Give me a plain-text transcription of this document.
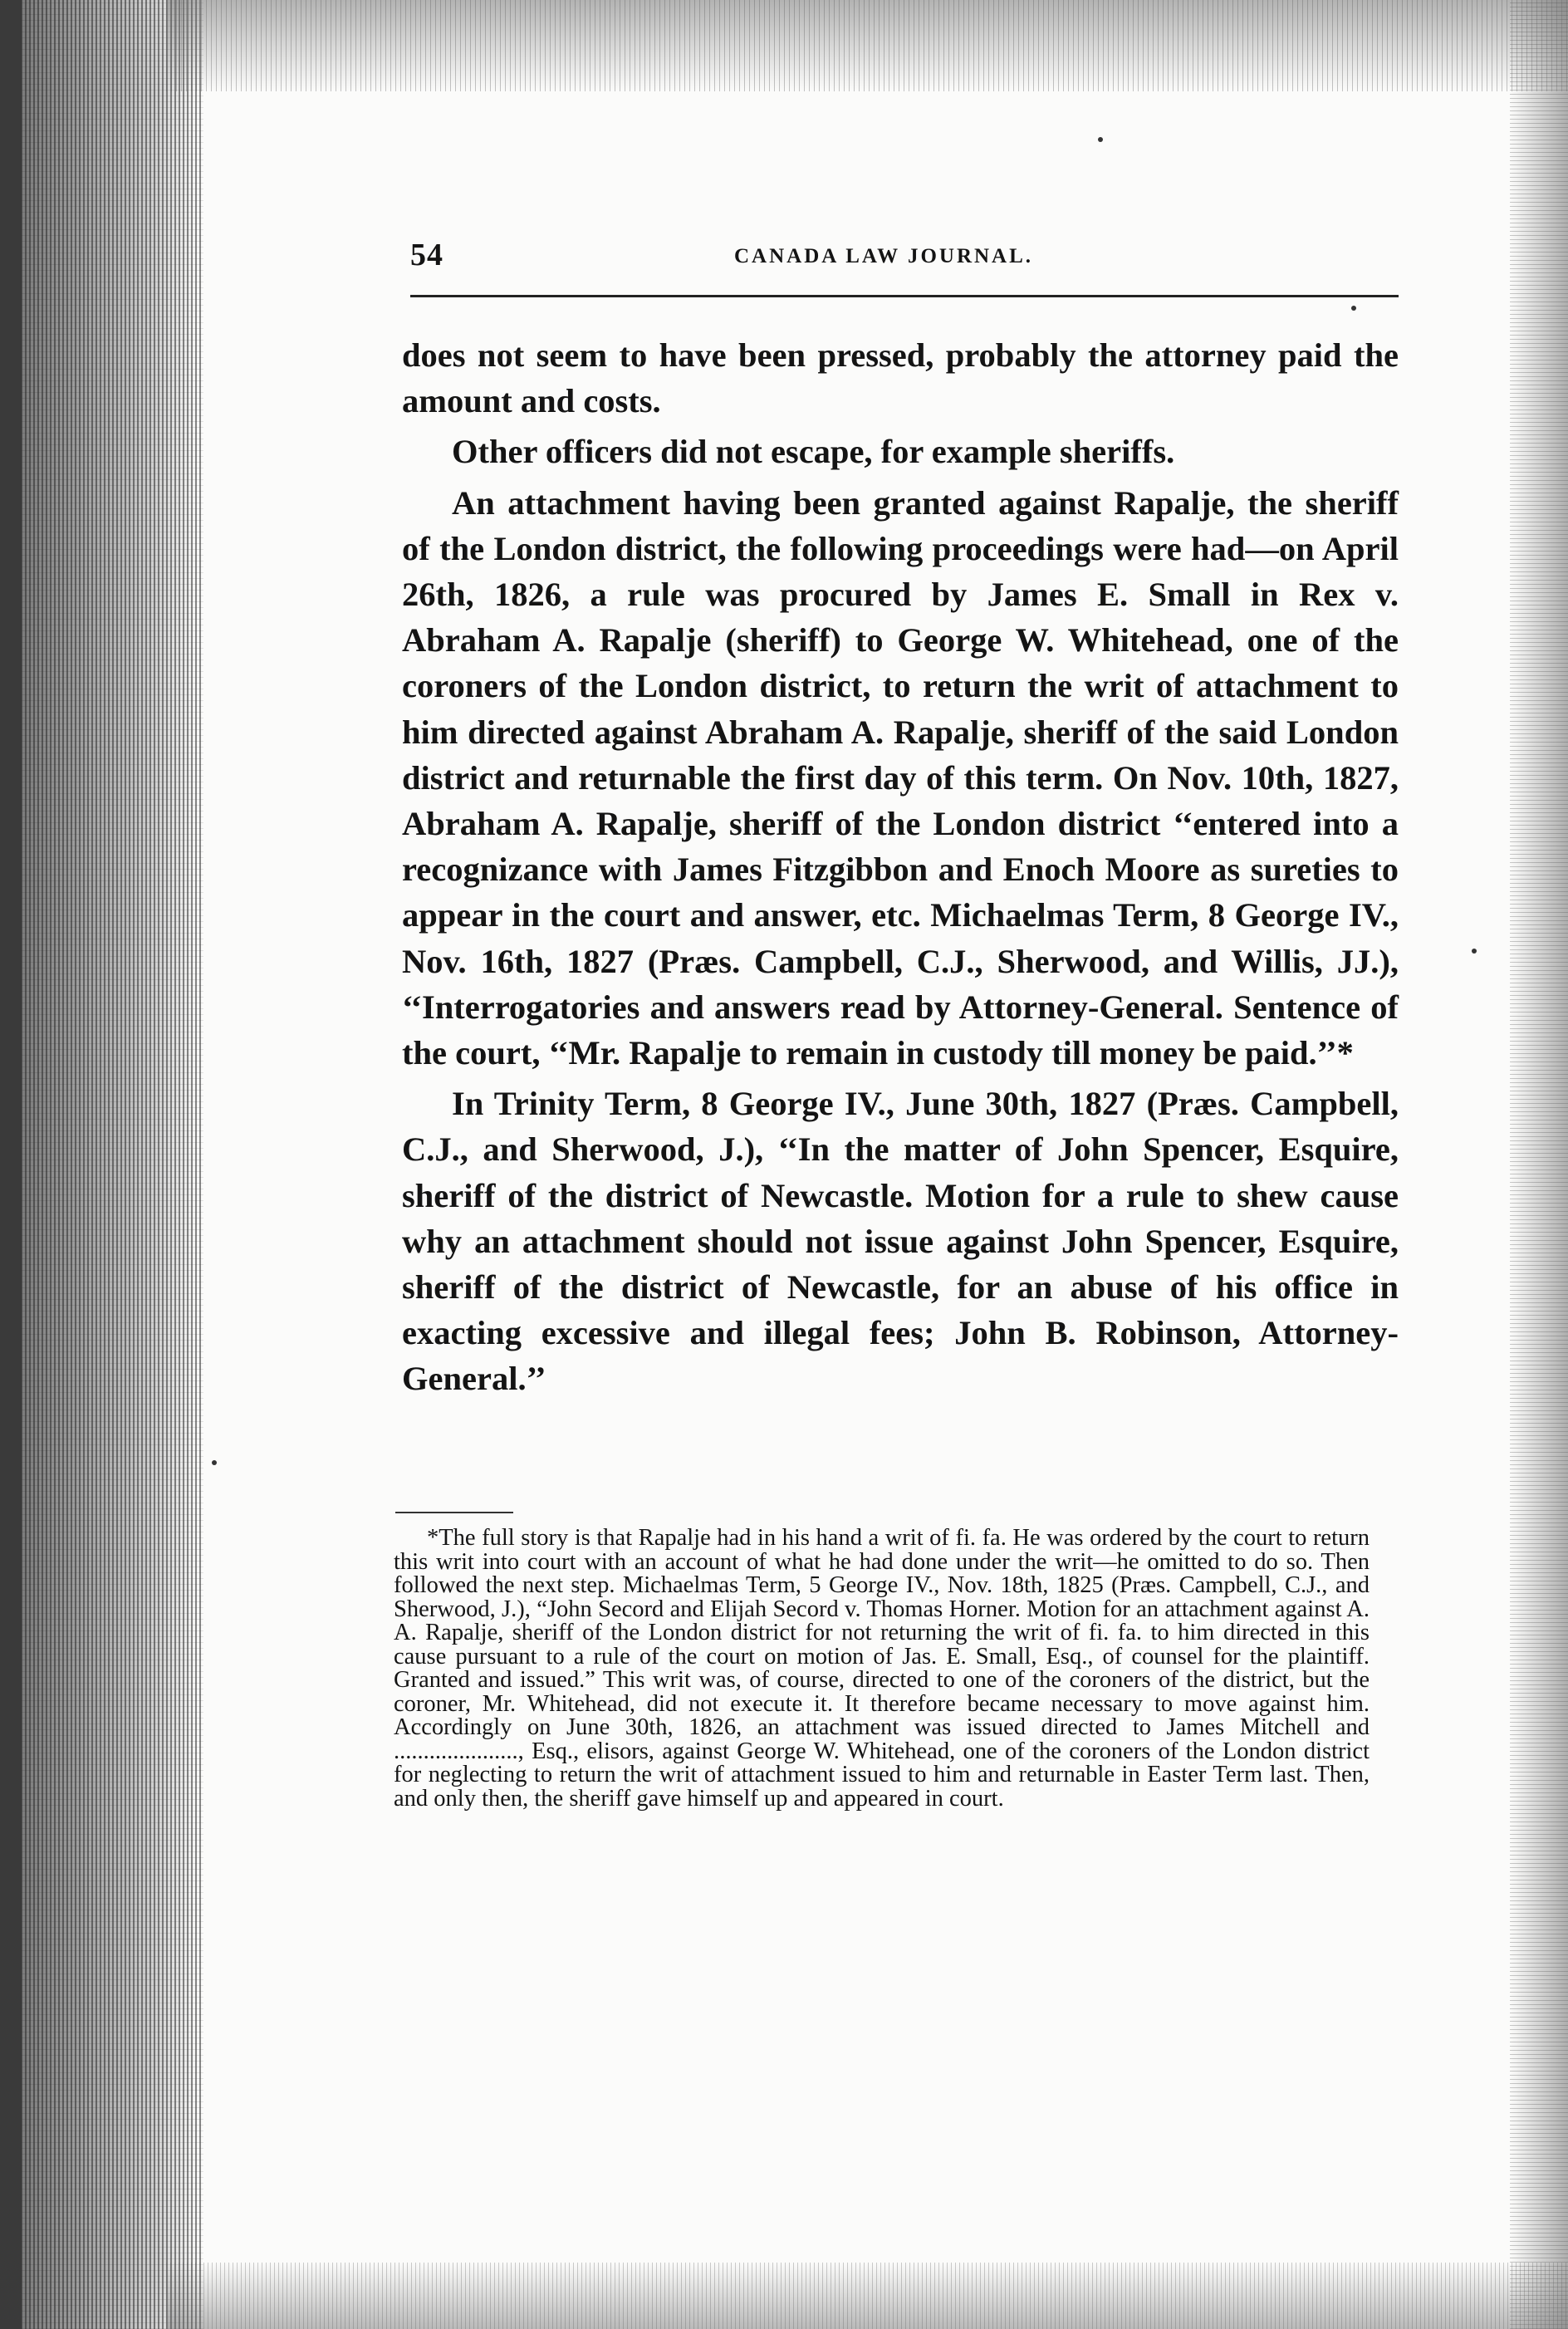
54	CANADA LAW JOURNAL.

does not seem to have been pressed, probably the attorney paid the amount and costs.

Other officers did not escape, for example sheriffs.

An attachment having been granted against Rapalje, the sheriff of the London district, the following proceedings were had—on April 26th, 1826, a rule was procured by James E. Small in Rex v. Abraham A. Rapalje (sheriff) to George W. Whitehead, one of the coroners of the London district, to return the writ of attachment to him directed against Abraham A. Rapalje, sheriff of the said London district and returnable the first day of this term. On Nov. 10th, 1827, Abraham A. Rapalje, sheriff of the London district ‘‘entered into a recognizance with James Fitzgibbon and Enoch Moore as sureties to appear in the court and answer, etc. Michaelmas Term, 8 George IV., Nov. 16th, 1827 (Præs. Campbell, C.J., Sherwood, and Willis, JJ.), ‘‘Interrogatories and answers read by Attorney-General. Sentence of the court, ‘‘Mr. Rapalje to remain in custody till money be paid.’’*

In Trinity Term, 8 George IV., June 30th, 1827 (Præs. Campbell, C.J., and Sherwood, J.), ‘‘In the matter of John Spencer, Esquire, sheriff of the district of Newcastle. Motion for a rule to shew cause why an attachment should not issue against John Spencer, Esquire, sheriff of the district of Newcastle, for an abuse of his office in exacting excessive and illegal fees; John B. Robinson, Attorney-General.’’

*The full story is that Rapalje had in his hand a writ of fi. fa. He was ordered by the court to return this writ into court with an account of what he had done under the writ—he omitted to do so. Then followed the next step. Michaelmas Term, 5 George IV., Nov. 18th, 1825 (Præs. Campbell, C.J., and Sherwood, J.), “John Secord and Elijah Secord v. Thomas Horner. Motion for an attachment against A. A. Rapalje, sheriff of the London district for not returning the writ of fi. fa. to him directed in this cause pursuant to a rule of the court on motion of Jas. E. Small, Esq., of counsel for the plaintiff. Granted and issued.” This writ was, of course, directed to one of the coroners of the district, but the coroner, Mr. Whitehead, did not execute it. It therefore became necessary to move against him. Accordingly on June 30th, 1826, an attachment was issued directed to James Mitchell and ....................., Esq., elisors, against George W. Whitehead, one of the coroners of the London district for neglecting to return the writ of attachment issued to him and returnable in Easter Term last. Then, and only then, the sheriff gave himself up and appeared in court.
